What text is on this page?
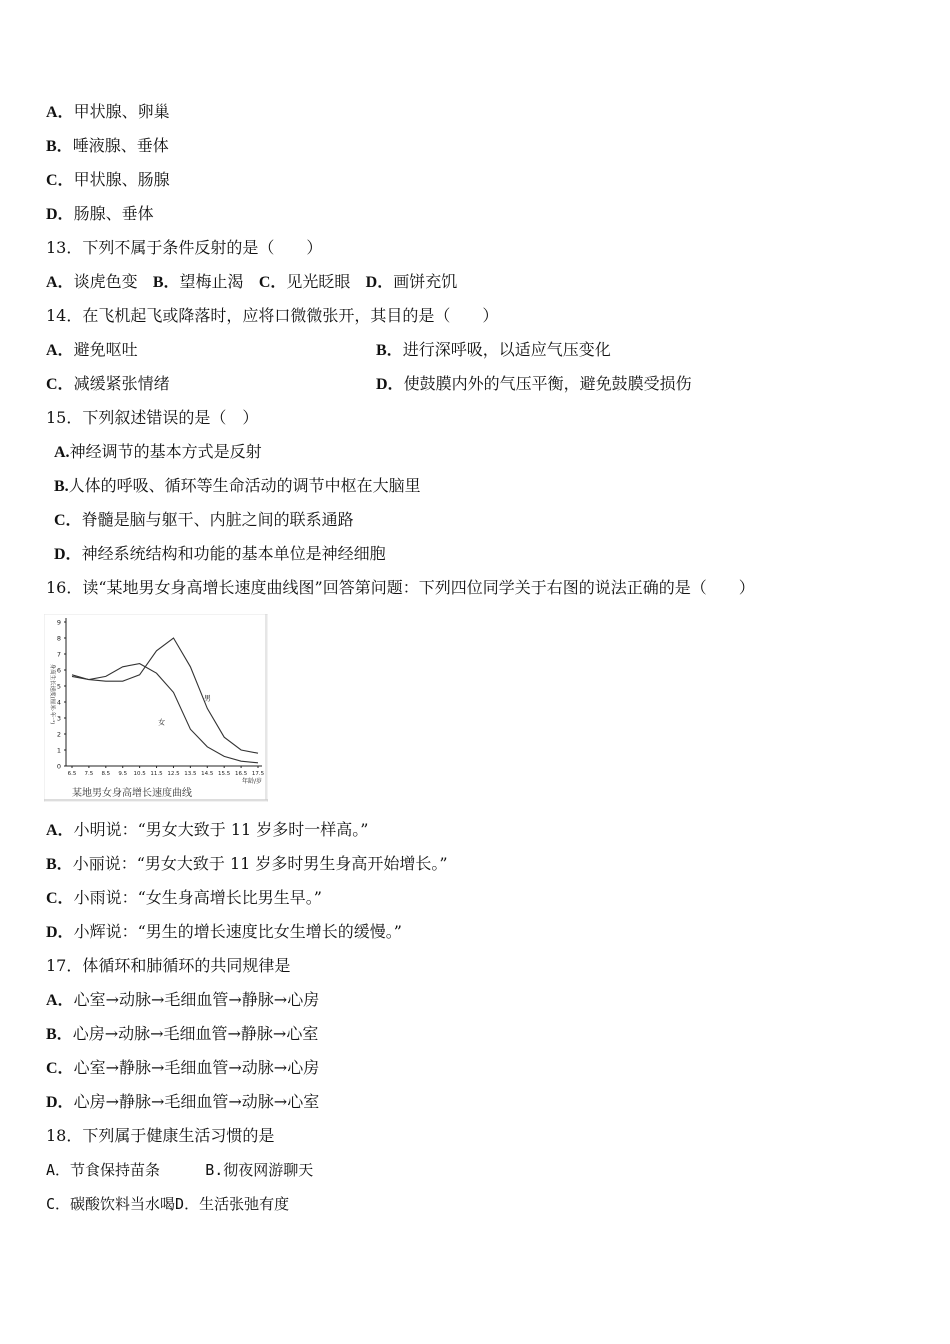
A．甲状腺、卵巢
B．唾液腺、垂体
C．甲状腺、肠腺
D．肠腺、垂体
13．下列不属于条件反射的是（　　）
A．谈虎色变 B．望梅止渴 C．见光眨眼 D．画饼充饥
14．在飞机起飞或降落时，应将口微微张开，其目的是（　　）
A．避免呕吐	B．进行深呼吸，以适应气压变化
C．减缓紧张情绪	D．使鼓膜内外的气压平衡，避免鼓膜受损伤
15．下列叙述错误的是（　）
A.神经调节的基本方式是反射
B.人体的呼吸、循环等生命活动的调节中枢在大脑里
C．脊髓是脑与躯干、内脏之间的联系通路
D．神经系统结构和功能的基本单位是神经细胞
16．读“某地男女身高增长速度曲线图”回答第问题：下列四位同学关于右图的说法正确的是（　　）
0
1
2
3
4
5
6
7
8
9
6.5 7.5 8.5 9.5 10.5 11.5 12.5 13.5 14.5 15.5 16.5 17.5
年龄/岁
身高生长速度(厘米·年⁻¹)	男
女
某地男女身高增长速度曲线
A．小明说：“男女大致于 11 岁多时一样高。”
B．小丽说：“男女大致于 11 岁多时男生身高开始增长。”
C．小雨说：“女生身高增长比男生早。”
D．小辉说：“男生的增长速度比女生增长的缓慢。”
17．体循环和肺循环的共同规律是
A．心室→动脉→毛细血管→静脉→心房
B．心房→动脉→毛细血管→静脉→心室
C．心室→静脉→毛细血管→动脉→心房
D．心房→静脉→毛细血管→动脉→心室
18．下列属于健康生活习惯的是
A．节食保持苗条	B.彻夜网游聊天
C．碳酸饮料当水喝D．生活张弛有度
